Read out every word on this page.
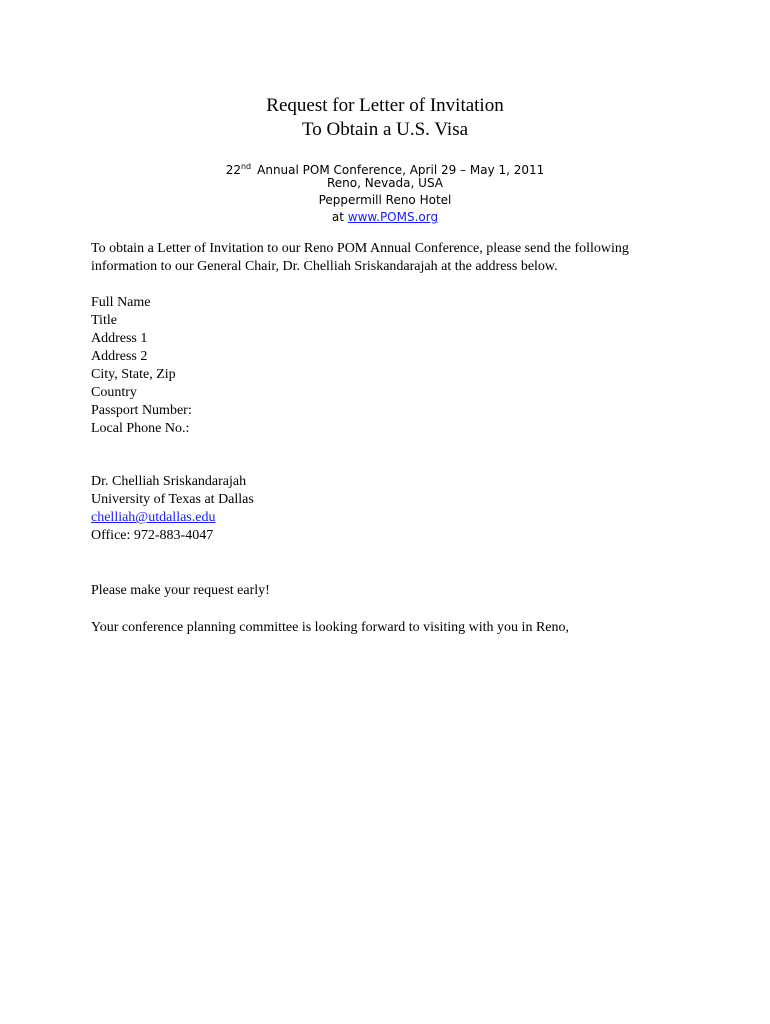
Request for Letter of Invitation
To Obtain a U.S. Visa
22nd Annual POM Conference, April 29 – May 1, 2011
Reno, Nevada, USA
Peppermill Reno Hotel
at www.POMS.org
To obtain a Letter of Invitation to our Reno POM Annual Conference, please send the following
information to our General Chair, Dr. Chelliah Sriskandarajah at the address below.
Full Name
Title
Address 1
Address 2
City, State, Zip
Country
Passport Number:
Local Phone No.:
Dr. Chelliah Sriskandarajah
University of Texas at Dallas
chelliah@utdallas.edu
Office: 972-883-4047
Please make your request early!
Your conference planning committee is looking forward to visiting with you in Reno,
